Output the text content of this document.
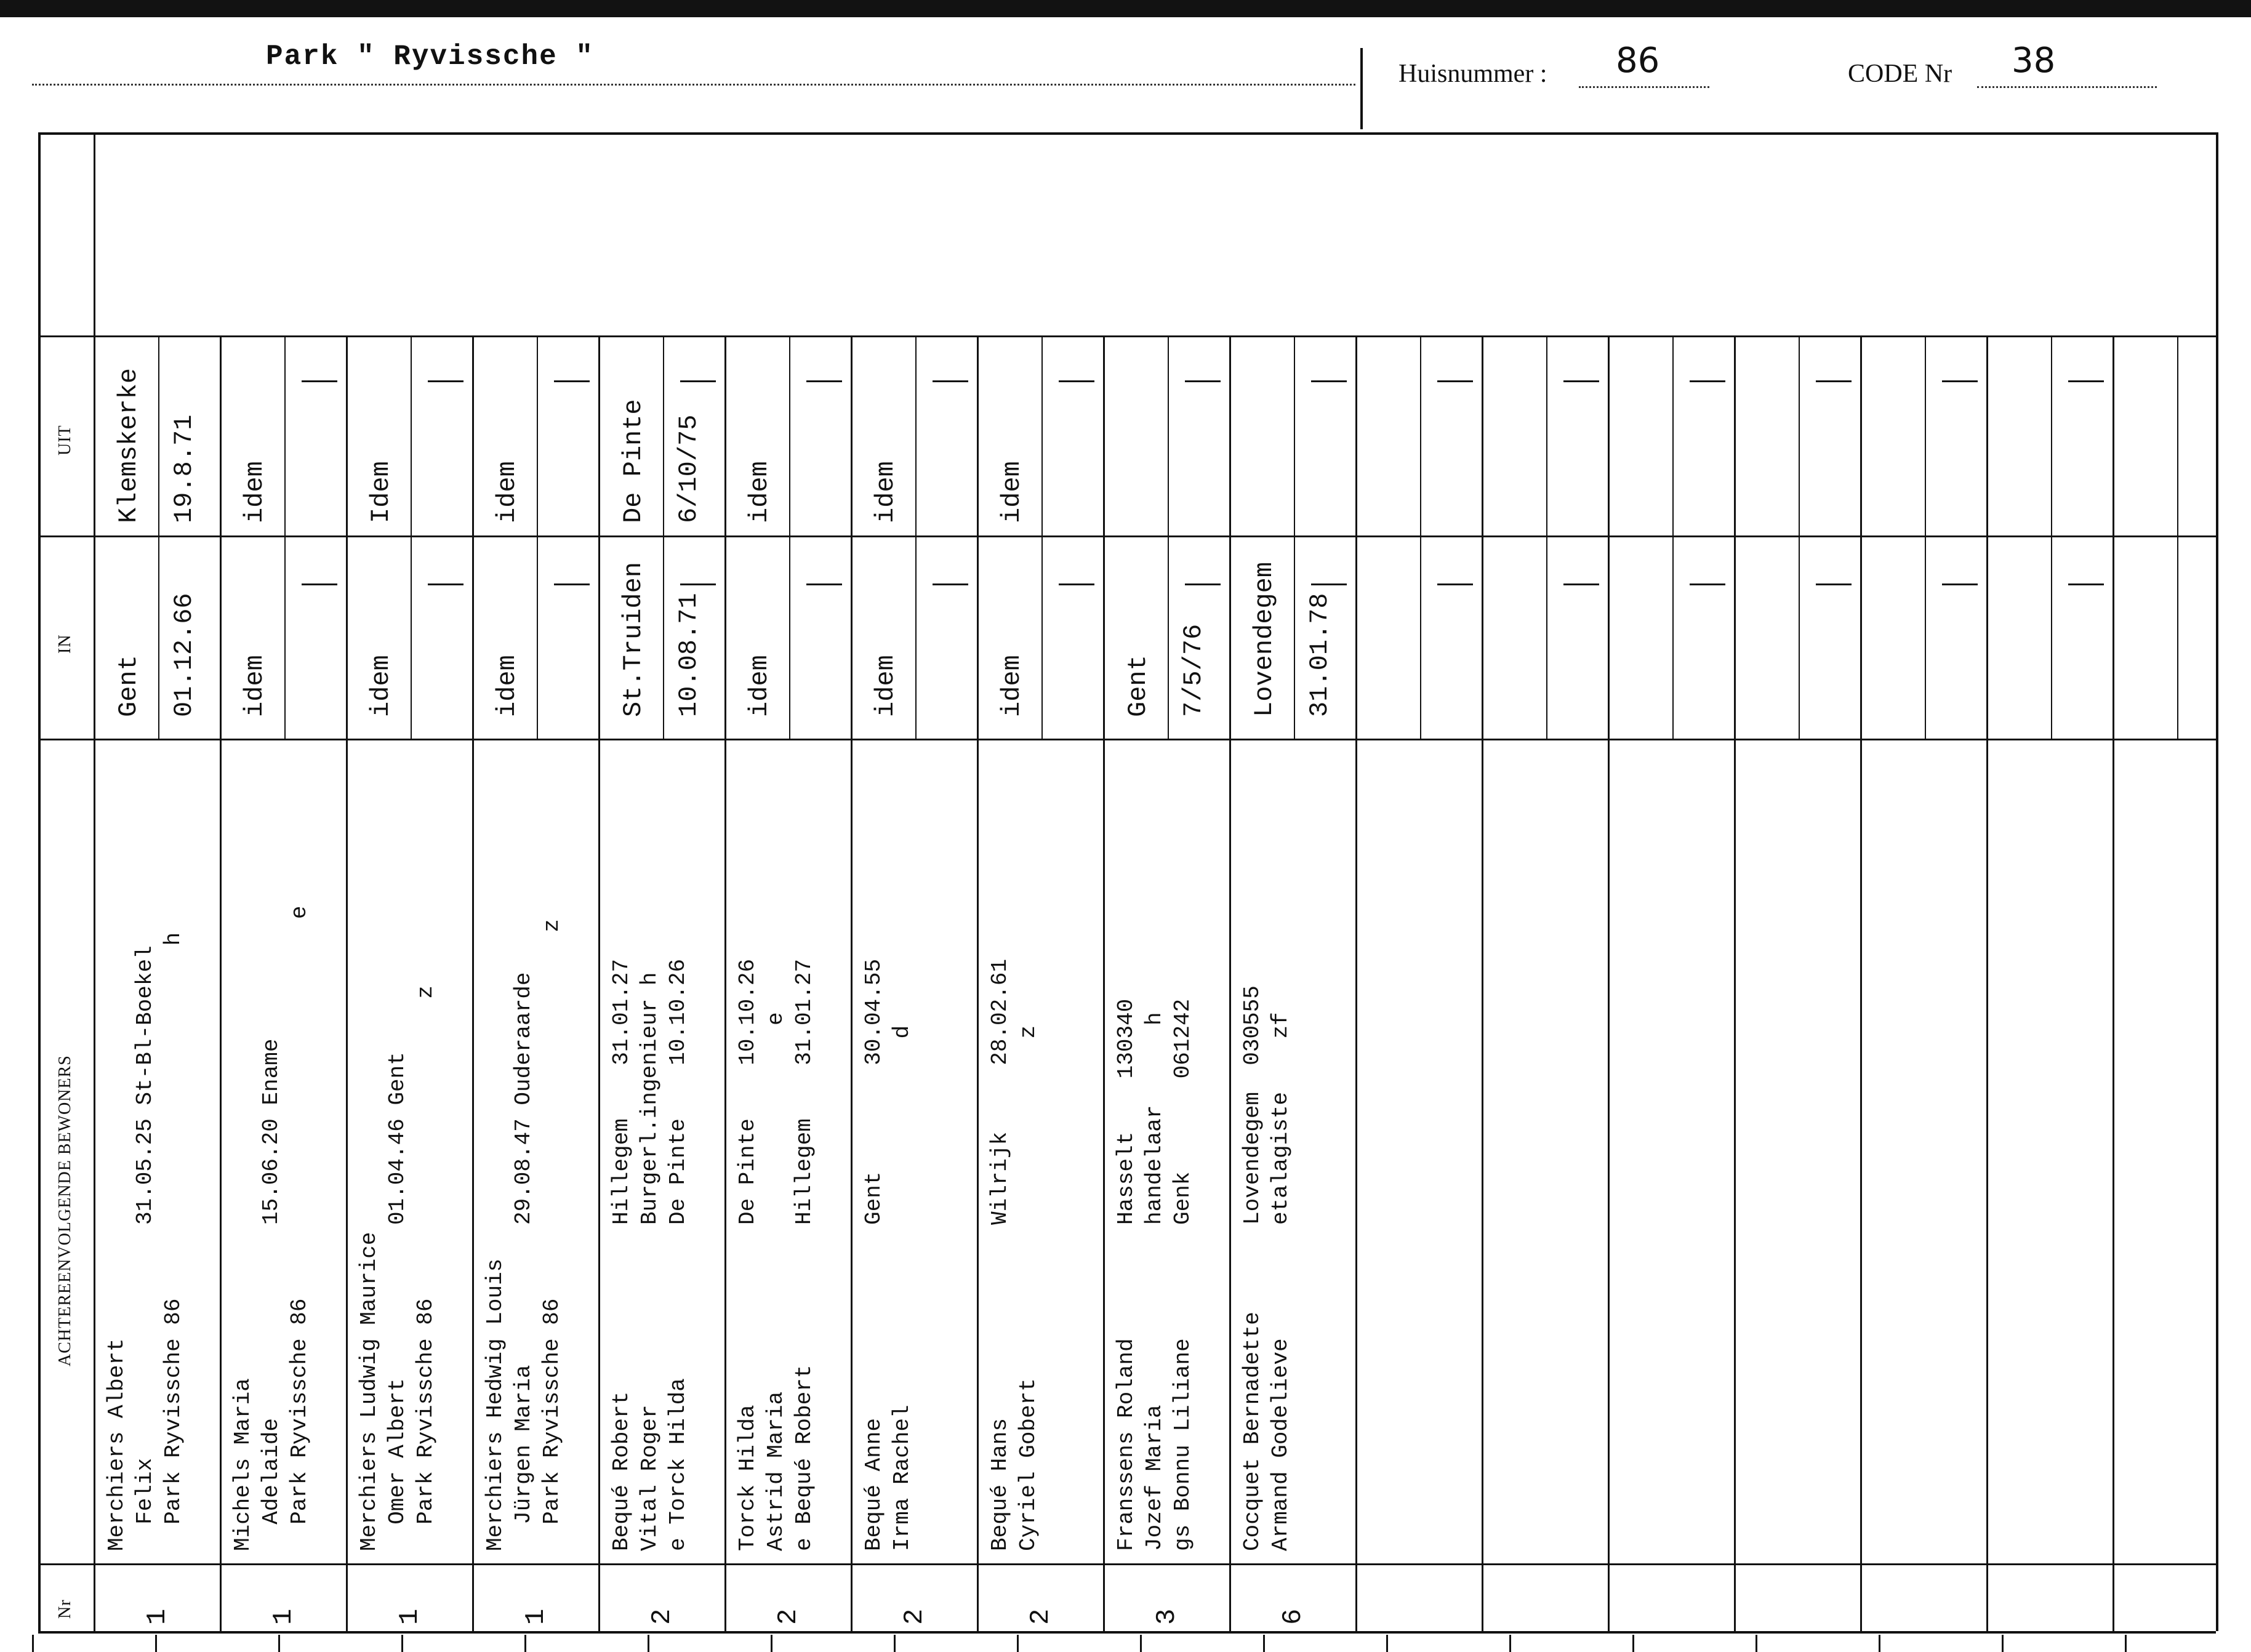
Park " Ryvissche "
Huisnummer : 86	CODE Nr 38
Nr
ACHTEREENVOLGENDE BEWONERS
IN
UIT
1
Merchiers Albert Felix Park Ryvissche 86
31.05.25 St-Bl-Boekel h
Gent 01.12.66
Klemskerke 19.8.71
1
Michels Maria Adelaide Park Ryvissche 86
15.06.20 Ename e
idem
idem
1
Merchiers Ludwig Maurice Omer Albert Park Ryvissche 86
01.04.46 Gent z
idem
Idem
1
Merchiers Hedwig Louis Jürgen Maria Park Ryvissche 86
29.08.47 Ouderaarde z
idem
idem
2
Bequé Robert Vital Roger e Torck Hilda
Hillegem    31.01.27 Burgerl.ingenieur h De Pinte    10.10.26
St.Truiden 10.08.71
De Pinte 6/10/75
2
Torck Hilda Astrid Maria e Bequé Robert
De Pinte    10.10.26 e Hillegem    31.01.27
idem
idem
2
Bequé Anne Irma Rachel
Gent        30.04.55 d
idem
idem
2
Bequé Hans Cyriel Gobert
Wilrijk     28.02.61 z
idem
idem
3
Franssens Roland Jozef Maria gs Bonnu Liliane
Hasselt    130340 handelaar      h Genk       061242
Gent 7/5/76
6
Cocquet Bernadette Armand Godelieve
Lovendegem  030555 etalagiste    zf
Lovendegem 31.01.78
